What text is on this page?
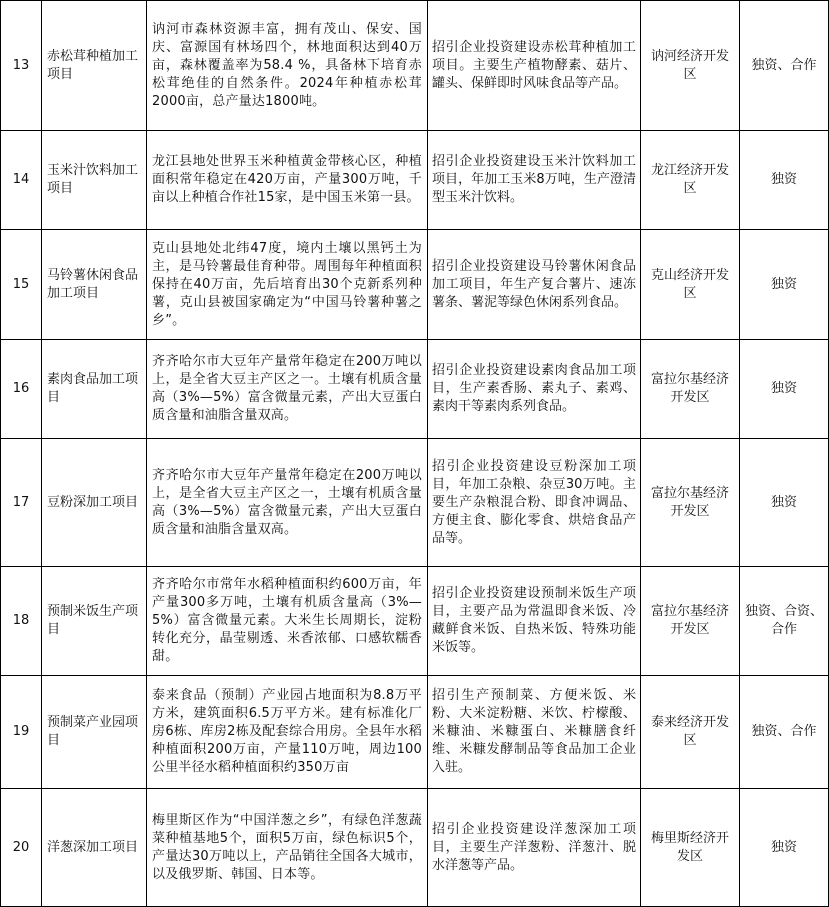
13	赤松茸种植加工项目	讷河市森林资源丰富，拥有茂山、保安、国庆、富源国有林场四个，林地面积达到40万亩，森林覆盖率为58.4 %，具备林下培育赤松茸绝佳的自然条件。2024年种植赤松茸2000亩，总产量达1800吨。	招引企业投资建设赤松茸种植加工项目。主要生产植物酵素、菇片、罐头、保鲜即时风味食品等产品。	讷河经济开发区	独资、合作
14	玉米汁饮料加工项目	龙江县地处世界玉米种植黄金带核心区，种植面积常年稳定在420万亩，产量300万吨，千亩以上种植合作社15家，是中国玉米第一县。	招引企业投资建设玉米汁饮料加工项目，年加工玉米8万吨，生产澄清型玉米汁饮料。	龙江经济开发区	独资
15	马铃薯休闲食品加工项目	克山县地处北纬47度，境内土壤以黑钙土为主，是马铃薯最佳育种带。周围每年种植面积保持在40万亩，先后培育出30个克新系列种薯，克山县被国家确定为“中国马铃薯种薯之乡”。	招引企业投资建设马铃薯休闲食品加工项目，年生产复合薯片、速冻薯条、薯泥等绿色休闲系列食品。	克山经济开发区	独资
16	素肉食品加工项目	齐齐哈尔市大豆年产量常年稳定在200万吨以上，是全省大豆主产区之一。土壤有机质含量高（3%—5%）富含微量元素，产出大豆蛋白质含量和油脂含量双高。	招引企业投资建设素肉食品加工项目，生产素香肠、素丸子、素鸡、素肉干等素肉系列食品。	富拉尔基经济开发区	独资
17	豆粉深加工项目	齐齐哈尔市大豆年产量常年稳定在200万吨以上，是全省大豆主产区之一，土壤有机质含量高（3%—5%）富含微量元素，产出大豆蛋白质含量和油脂含量双高。	招引企业投资建设豆粉深加工项目，年加工杂粮、杂豆30万吨。主要生产杂粮混合粉、即食冲调品、方便主食、膨化零食、烘焙食品产品等。	富拉尔基经济开发区	独资
18	预制米饭生产项目	齐齐哈尔市常年水稻种植面积约600万亩，年产量300多万吨，土壤有机质含量高（3%—5%）富含微量元素。大米生长周期长，淀粉转化充分，晶莹剔透、米香浓郁、口感软糯香甜。	招引企业投资建设预制米饭生产项目，主要产品为常温即食米饭、冷藏鲜食米饭、自热米饭、特殊功能米饭等。	富拉尔基经济开发区	独资、合资、合作
19	预制菜产业园项目	泰来食品（预制）产业园占地面积为8.8万平方米，建筑面积6.5万平方米。建有标准化厂房6栋、库房2栋及配套综合用房。全县年水稻种植面积200万亩，产量110万吨，周边100公里半径水稻种植面积约350万亩	招引生产预制菜、方便米饭、米粉、大米淀粉糖、米饮、柠檬酸、米糠油、米糠蛋白、米糠膳食纤维、米糠发酵制品等食品加工企业入驻。	泰来经济开发区	独资、合作
20	洋葱深加工项目	梅里斯区作为“中国洋葱之乡”，有绿色洋葱蔬菜种植基地5个，面积5万亩，绿色标识5个，产量达30万吨以上，产品销往全国各大城市，以及俄罗斯、韩国、日本等。	招引企业投资建设洋葱深加工项目，主要生产洋葱粉、洋葱汁、脱水洋葱等产品。	梅里斯经济开发区	独资
